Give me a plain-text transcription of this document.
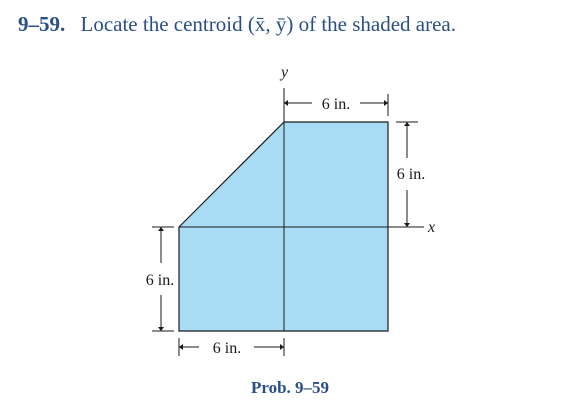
9–59. Locate the centroid (x̄, ȳ) of the shaded area.
y
x
6 in.
6 in.
6 in.
6 in.
Prob. 9–59
